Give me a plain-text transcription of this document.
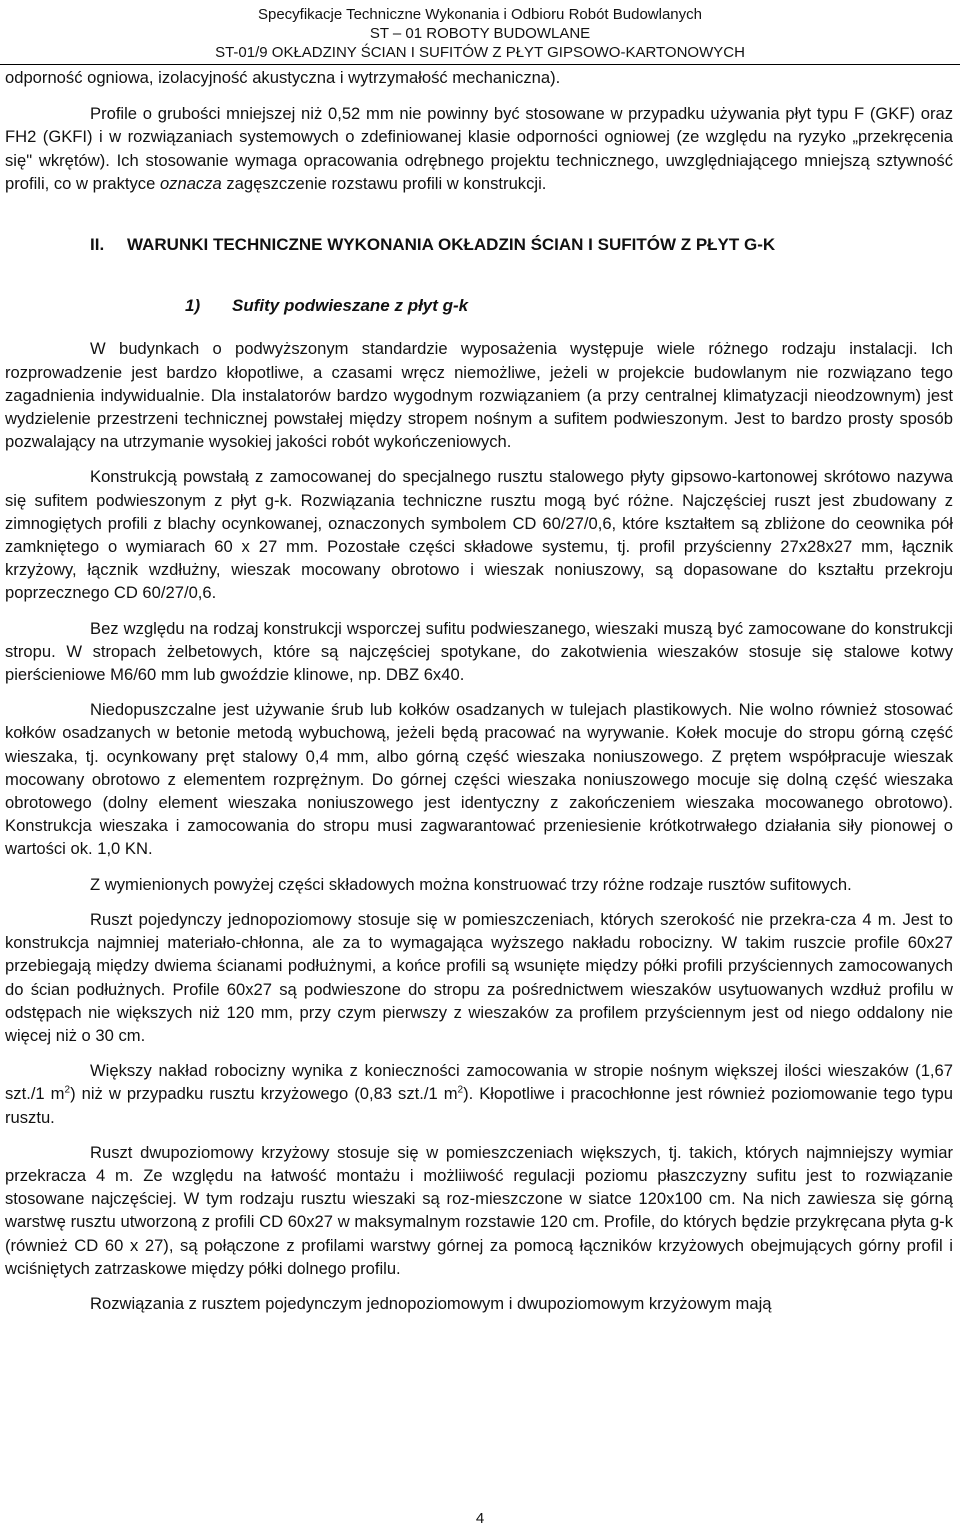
Specyfikacje Techniczne Wykonania i Odbioru Robót Budowlanych
ST – 01 ROBOTY BUDOWLANE
ST-01/9 OKŁADZINY ŚCIAN I SUFITÓW Z PŁYT GIPSOWO-KARTONOWYCH

odporność ogniowa, izolacyjność akustyczna i wytrzymałość mechaniczna).

Profile o grubości mniejszej niż 0,52 mm nie powinny być stosowane w przypadku używania płyt typu F (GKF) oraz FH2 (GKFI) i w rozwiązaniach systemowych o zdefiniowanej klasie odporności ogniowej (ze względu na ryzyko „przekręcenia się" wkrętów). Ich stosowanie wymaga opracowania odrębnego projektu technicznego, uwzględniającego mniejszą sztywność profili, co w praktyce oznacza zagęszczenie rozstawu profili w konstrukcji.

II.	WARUNKI TECHNICZNE WYKONANIA OKŁADZIN ŚCIAN I SUFITÓW Z PŁYT G-K
1)	Sufity podwieszane z płyt g-k

W budynkach o podwyższonym standardzie wyposażenia występuje wiele różnego rodzaju instalacji. Ich rozprowadzenie jest bardzo kłopotliwe, a czasami wręcz niemożliwe, jeżeli w projekcie budowlanym nie rozwiązano tego zagadnienia indywidualnie. Dla instalatorów bardzo wygodnym rozwiązaniem (a przy centralnej klimatyzacji nieodzownym) jest wydzielenie przestrzeni technicznej powstałej między stropem nośnym a sufitem podwieszonym. Jest to bardzo prosty sposób pozwalający na utrzymanie wysokiej jakości robót wykończeniowych.

Konstrukcją powstałą z zamocowanej do specjalnego rusztu stalowego płyty gipsowo-kartonowej skrótowo nazywa się sufitem podwieszonym z płyt g-k. Rozwiązania techniczne rusztu mogą być różne. Najczęściej ruszt jest zbudowany z zimnogiętych profili z blachy ocynkowanej, oznaczonych symbolem CD 60/27/0,6, które kształtem są zbliżone do ceownika pół zamkniętego o wymiarach 60 x 27 mm. Pozostałe części składowe systemu, tj. profil przyścienny 27x28x27 mm, łącznik krzyżowy, łącznik wzdłużny, wieszak mocowany obrotowo i wieszak noniuszowy, są dopasowane do kształtu przekroju poprzecznego CD 60/27/0,6.

Bez względu na rodzaj konstrukcji wsporczej sufitu podwieszanego, wieszaki muszą być zamocowane do konstrukcji stropu. W stropach żelbetowych, które są najczęściej spotykane, do zakotwienia wieszaków stosuje się stalowe kotwy pierścieniowe M6/60 mm lub gwoździe klinowe, np. DBZ 6x40.

Niedopuszczalne jest używanie śrub lub kołków osadzanych w tulejach plastikowych. Nie wolno również stosować kołków osadzanych w betonie metodą wybuchową, jeżeli będą pracować na wyrywanie. Kołek mocuje do stropu górną część wieszaka, tj. ocynkowany pręt stalowy 0,4 mm, albo górną część wieszaka noniuszowego. Z prętem współpracuje wieszak mocowany obrotowo z elementem rozprężnym. Do górnej części wieszaka noniuszowego mocuje się dolną część wieszaka obrotowego (dolny element wieszaka noniuszowego jest identyczny z zakończeniem wieszaka mocowanego obrotowo). Konstrukcja wieszaka i zamocowania do stropu musi zagwarantować przeniesienie krótkotrwałego działania siły pionowej o wartości ok. 1,0 KN.

Z wymienionych powyżej części składowych można konstruować trzy różne rodzaje rusztów sufitowych.

Ruszt pojedynczy jednopoziomowy stosuje się w pomieszczeniach, których szerokość nie przekra-cza 4 m. Jest to konstrukcja najmniej materiało-chłonna, ale za to wymagająca wyższego nakładu robocizny. W takim ruszcie profile 60x27 przebiegają między dwiema ścianami podłużnymi, a końce profili są wsunięte między półki profili przyściennych zamocowanych do ścian podłużnych. Profile 60x27 są podwieszone do stropu za pośrednictwem wieszaków usytuowanych wzdłuż profilu w odstępach nie większych niż 120 mm, przy czym pierwszy z wieszaków za profilem przyściennym jest od niego oddalony nie więcej niż o 30 cm.

Większy nakład robocizny wynika z konieczności zamocowania w stropie nośnym większej ilości wieszaków (1,67 szt./1 $m^2$) niż w przypadku rusztu krzyżowego (0,83 szt./1 $m^2$). Kłopotliwe i pracochłonne jest również poziomowanie tego typu rusztu.

Ruszt dwupoziomowy krzyżowy stosuje się w pomieszczeniach większych, tj. takich, których najmniejszy wymiar przekracza 4 m. Ze względu na łatwość montażu i możliiwość regulacji poziomu płaszczyzny sufitu jest to rozwiązanie stosowane najczęściej. W tym rodzaju rusztu wieszaki są roz-mieszczone w siatce 120x100 cm. Na nich zawiesza się górną warstwę rusztu utworzoną z profili CD 60x27 w maksymalnym rozstawie 120 cm. Profile, do których będzie przykręcana płyta g-k (również CD 60 x 27), są połączone z profilami warstwy górnej za pomocą łączników krzyżowych obejmujących górny profil i wciśniętych zatrzaskowe między półki dolnego profilu.

Rozwiązania z rusztem pojedynczym jednopoziomowym i dwupoziomowym krzyżowym mają

4
